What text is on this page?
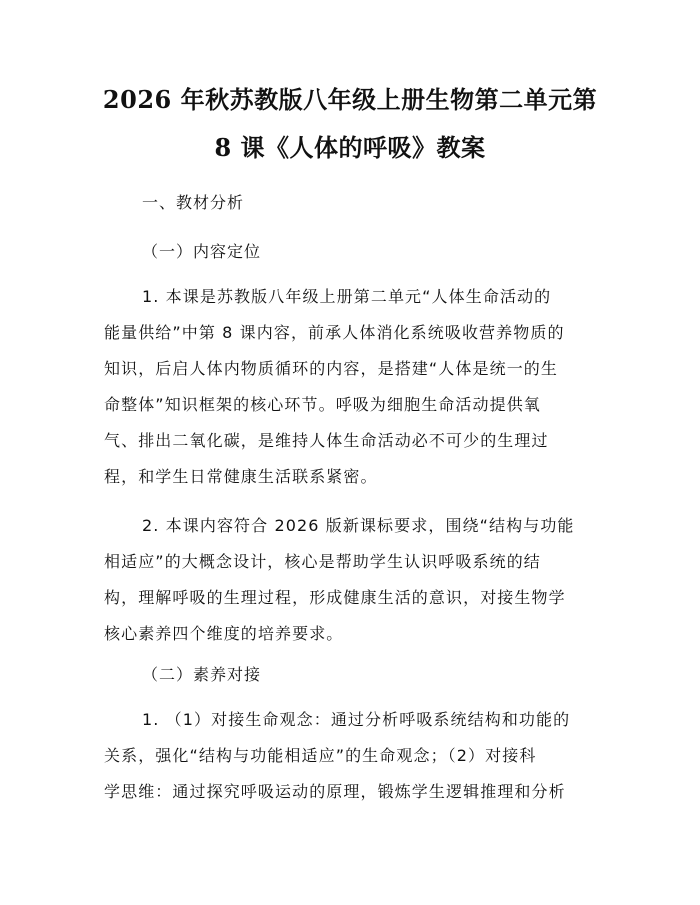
2026 年秋苏教版八年级上册生物第二单元第
8 课《人体的呼吸》教案

一、教材分析

（一）内容定位

1. 本课是苏教版八年级上册第二单元“人体生命活动的
能量供给”中第 8 课内容，前承人体消化系统吸收营养物质的
知识，后启人体内物质循环的内容，是搭建“人体是统一的生
命整体”知识框架的核心环节。呼吸为细胞生命活动提供氧
气、排出二氧化碳，是维持人体生命活动必不可少的生理过
程，和学生日常健康生活联系紧密。
2. 本课内容符合 2026 版新课标要求，围绕“结构与功能
相适应”的大概念设计，核心是帮助学生认识呼吸系统的结
构，理解呼吸的生理过程，形成健康生活的意识，对接生物学
核心素养四个维度的培养要求。

（二）素养对接

1. （1）对接生命观念：通过分析呼吸系统结构和功能的
关系，强化“结构与功能相适应”的生命观念；（2）对接科
学思维：通过探究呼吸运动的原理，锻炼学生逻辑推理和分析
